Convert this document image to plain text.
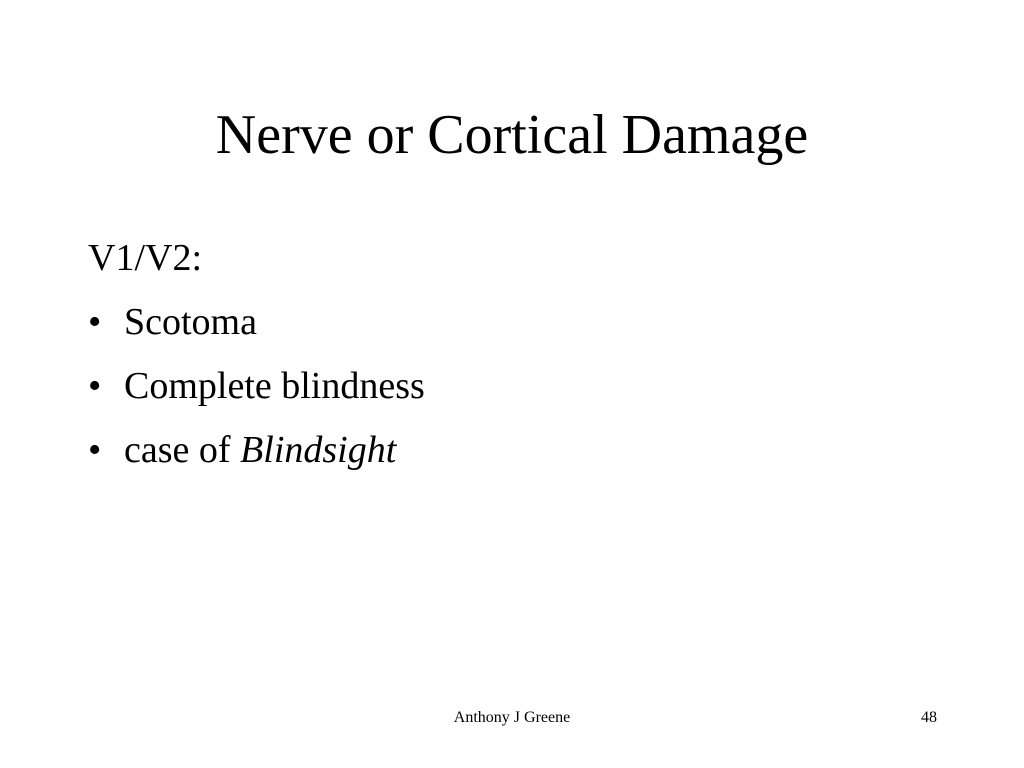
Nerve or Cortical Damage
V1/V2:
• Scotoma
• Complete blindness
• case of Blindsight
Anthony J Greene	48
